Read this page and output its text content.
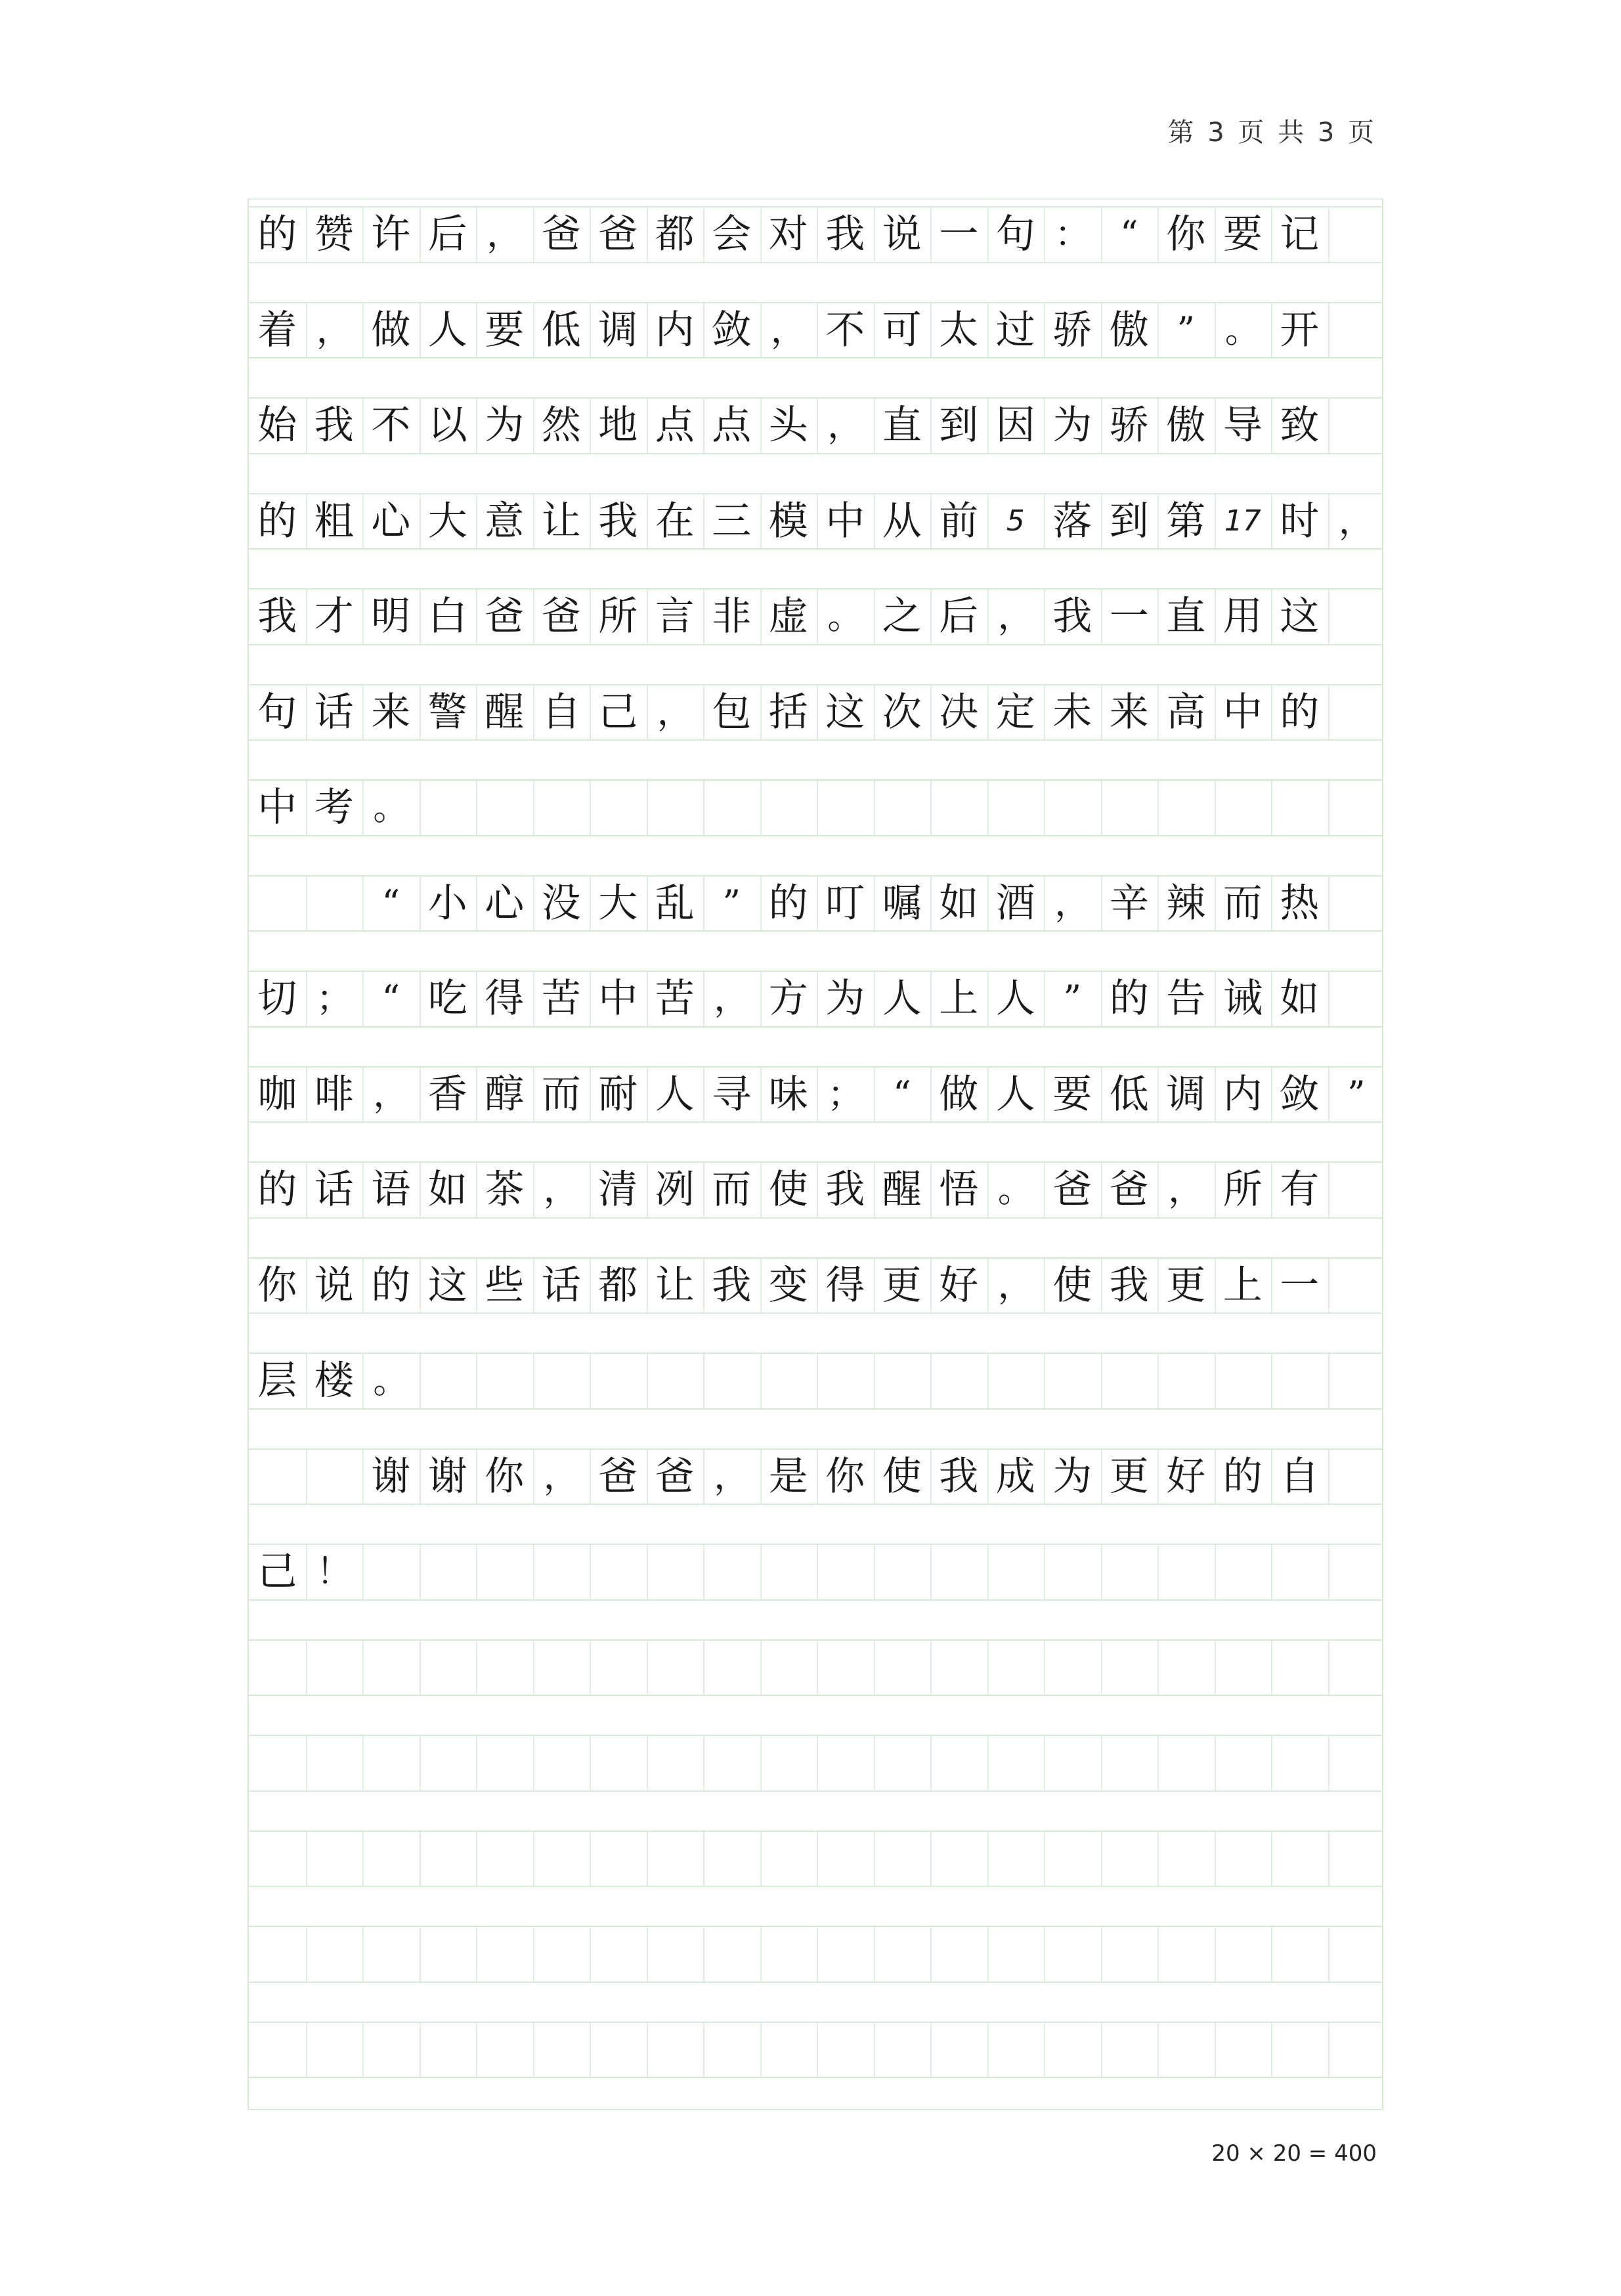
第 3 页 共 3 页
的 赞 许 后 ， 爸 爸 都 会 对 我 说 一 句 ： “ 你 要 记
着 ， 做 人 要 低 调 内 敛 ， 不 可 太 过 骄 傲 ” 。 开
始 我 不 以 为 然 地 点 点 头 ， 直 到 因 为 骄 傲 导 致
的 粗 心 大 意 让 我 在 三 模 中 从 前 5 落 到 第 17 时 ，
我 才 明 白 爸 爸 所 言 非 虚 。 之 后 ， 我 一 直 用 这
句 话 来 警 醒 自 己 ， 包 括 这 次 决 定 未 来 高 中 的
中 考 。
“ 小 心 没 大 乱 ” 的 叮 嘱 如 酒 ， 辛 辣 而 热
切 ； “ 吃 得 苦 中 苦 ， 方 为 人 上 人 ” 的 告 诫 如
咖 啡 ， 香 醇 而 耐 人 寻 味 ； “ 做 人 要 低 调 内 敛 ”
的 话 语 如 茶 ， 清 冽 而 使 我 醒 悟 。 爸 爸 ， 所 有
你 说 的 这 些 话 都 让 我 变 得 更 好 ， 使 我 更 上 一
层 楼 。
谢 谢 你 ， 爸 爸 ， 是 你 使 我 成 为 更 好 的 自
己 ！
20 × 20 = 400
